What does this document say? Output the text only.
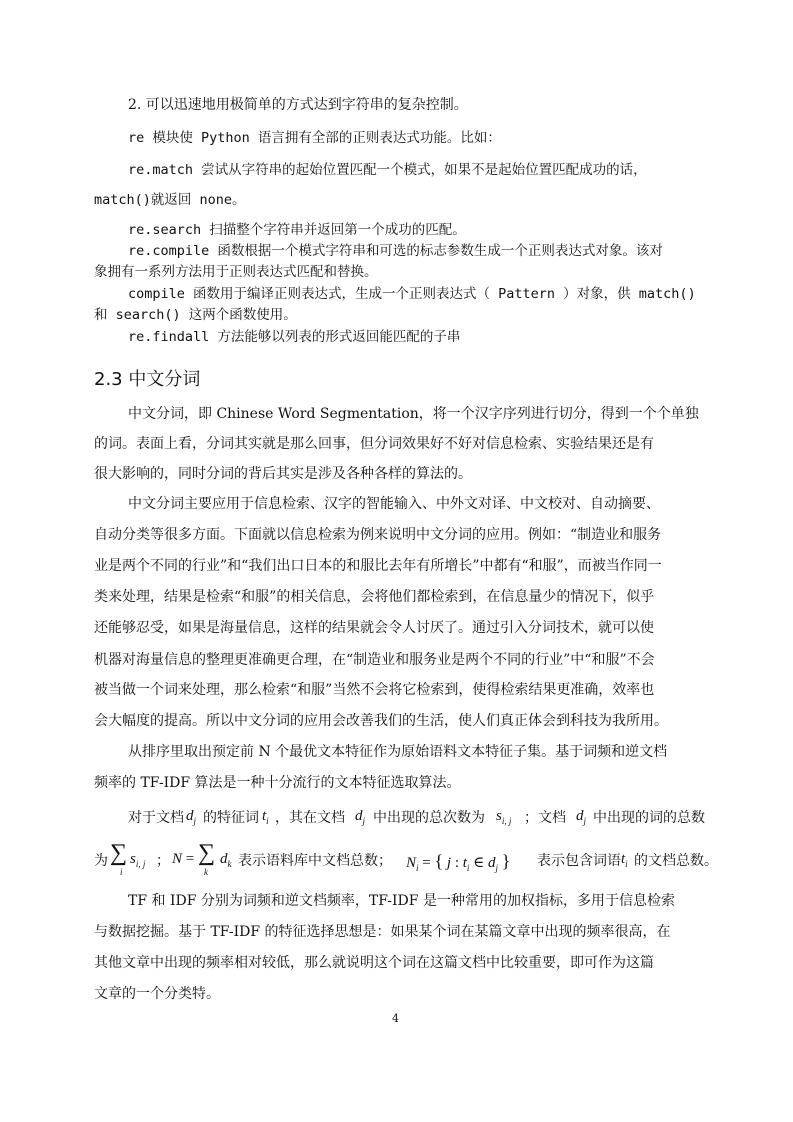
2. 可以迅速地用极简单的方式达到字符串的复杂控制。
re 模块使 Python 语言拥有全部的正则表达式功能。比如：
re.match 尝试从字符串的起始位置匹配一个模式，如果不是起始位置匹配成功的话，
match()就返回 none。
re.search 扫描整个字符串并返回第一个成功的匹配。
re.compile 函数根据一个模式字符串和可选的标志参数生成一个正则表达式对象。该对
象拥有一系列方法用于正则表达式匹配和替换。
compile 函数用于编译正则表达式，生成一个正则表达式（ Pattern ）对象，供 match()
和 search() 这两个函数使用。
re.findall 方法能够以列表的形式返回能匹配的子串
2.3 中文分词
中文分词，即 Chinese Word Segmentation，将一个汉字序列进行切分，得到一个个单独
的词。表面上看，分词其实就是那么回事，但分词效果好不好对信息检索、实验结果还是有
很大影响的，同时分词的背后其实是涉及各种各样的算法的。
中文分词主要应用于信息检索、汉字的智能输入、中外文对译、中文校对、自动摘要、
自动分类等很多方面。下面就以信息检索为例来说明中文分词的应用。例如：“制造业和服务
业是两个不同的行业”和“我们出口日本的和服比去年有所增长”中都有“和服”，而被当作同一
类来处理，结果是检索“和服”的相关信息，会将他们都检索到，在信息量少的情况下，似乎
还能够忍受，如果是海量信息，这样的结果就会令人讨厌了。通过引入分词技术，就可以使
机器对海量信息的整理更准确更合理，在“制造业和服务业是两个不同的行业”中“和服”不会
被当做一个词来处理，那么检索“和服”当然不会将它检索到，使得检索结果更准确，效率也
会大幅度的提高。所以中文分词的应用会改善我们的生活，使人们真正体会到科技为我所用。
从排序里取出预定前 N 个最优文本特征作为原始语料文本特征子集。基于词频和逆文档
频率的 TF-IDF 算法是一种十分流行的文本特征选取算法。
对于文档 $d_j$ 的特征词 $t_i$ ，其在文档 $d_j$ 中出现的总次数为 $s_{i, j}$ ；文档 $d_j$ 中出现的词的总数
为 ∑
i
$s_{i, j}$ ； N = ∑
k
$d_k$ 表示语料库中文档总数； $N_i$ = { j : $t_i$ ∈ $d_j$ } 表示包含词语 $t_i$ 的文档总数。
TF 和 IDF 分别为词频和逆文档频率，TF-IDF 是一种常用的加权指标，多用于信息检索
与数据挖掘。基于 TF-IDF 的特征选择思想是：如果某个词在某篇文章中出现的频率很高，在
其他文章中出现的频率相对较低，那么就说明这个词在这篇文档中比较重要，即可作为这篇
文章的一个分类特。
4
